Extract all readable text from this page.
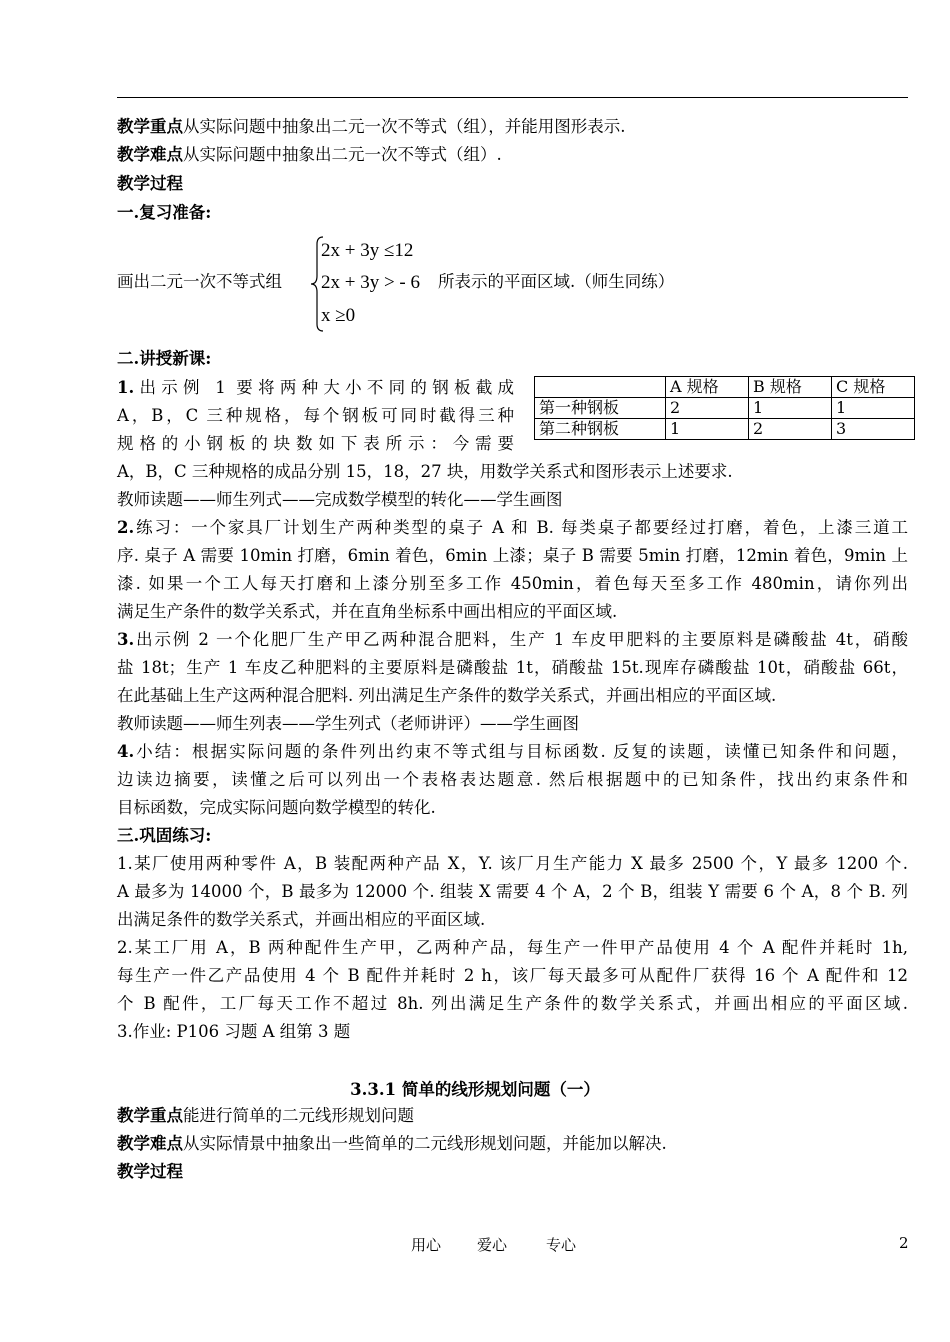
教学重点从实际问题中抽象出二元一次不等式（组），并能用图形表示.
教学难点从实际问题中抽象出二元一次不等式（组）.
教学过程
一.复习准备:
画出二元一次不等式组
2x + 3y ≤12
2x + 3y > - 6
x ≥0
所表示的平面区域.（师生同练）
二.讲授新课:
1.出示例 1 要将两种大小不同的钢板截成
A，B，C 三种规格，每个钢板可同时截得三种
规格的小钢板的块数如下表所示：今需要
	A 规格	B 规格	C 规格
第一种钢板	2	1	1
第二种钢板	1	2	3
A，B，C 三种规格的成品分别 15，18，27 块，用数学关系式和图形表示上述要求.
教师读题——师生列式——完成数学模型的转化——学生画图
2.练习：一个家具厂计划生产两种类型的桌子 A 和 B. 每类桌子都要经过打磨，着色，上漆三道工
序. 桌子 A 需要 10min 打磨，6min 着色，6min 上漆；桌子 B 需要 5min 打磨，12min 着色，9min 上
漆. 如果一个工人每天打磨和上漆分别至多工作 450min，着色每天至多工作 480min，请你列出
满足生产条件的数学关系式，并在直角坐标系中画出相应的平面区域.
3.出示例 2 一个化肥厂生产甲乙两种混合肥料，生产 1 车皮甲肥料的主要原料是磷酸盐 4t，硝酸
盐 18t；生产 1 车皮乙种肥料的主要原料是磷酸盐 1t，硝酸盐 15t.现库存磷酸盐 10t，硝酸盐 66t，
在此基础上生产这两种混合肥料. 列出满足生产条件的数学关系式，并画出相应的平面区域.
教师读题——师生列表——学生列式（老师讲评）——学生画图
4.小结：根据实际问题的条件列出约束不等式组与目标函数. 反复的读题，读懂已知条件和问题，
边读边摘要，读懂之后可以列出一个表格表达题意. 然后根据题中的已知条件，找出约束条件和
目标函数，完成实际问题向数学模型的转化.
三.巩固练习:
1.某厂使用两种零件 A，B 装配两种产品 X，Y. 该厂月生产能力 X 最多 2500 个，Y 最多 1200 个.
A 最多为 14000 个，B 最多为 12000 个. 组装 X 需要 4 个 A，2 个 B，组装 Y 需要 6 个 A，8 个 B. 列
出满足条件的数学关系式，并画出相应的平面区域.
2.某工厂用 A，B 两种配件生产甲，乙两种产品，每生产一件甲产品使用 4 个 A 配件并耗时 1h,
每生产一件乙产品使用 4 个 B 配件并耗时 2 h，该厂每天最多可从配件厂获得 16 个 A 配件和 12
个 B 配件，工厂每天工作不超过 8h. 列出满足生产条件的数学关系式，并画出相应的平面区域.
3.作业: P106 习题 A 组第 3 题
3.3.1 简单的线形规划问题（一）
教学重点能进行简单的二元线形规划问题
教学难点从实际情景中抽象出一些简单的二元线形规划问题，并能加以解决.
教学过程
用心 爱心	专心	2
